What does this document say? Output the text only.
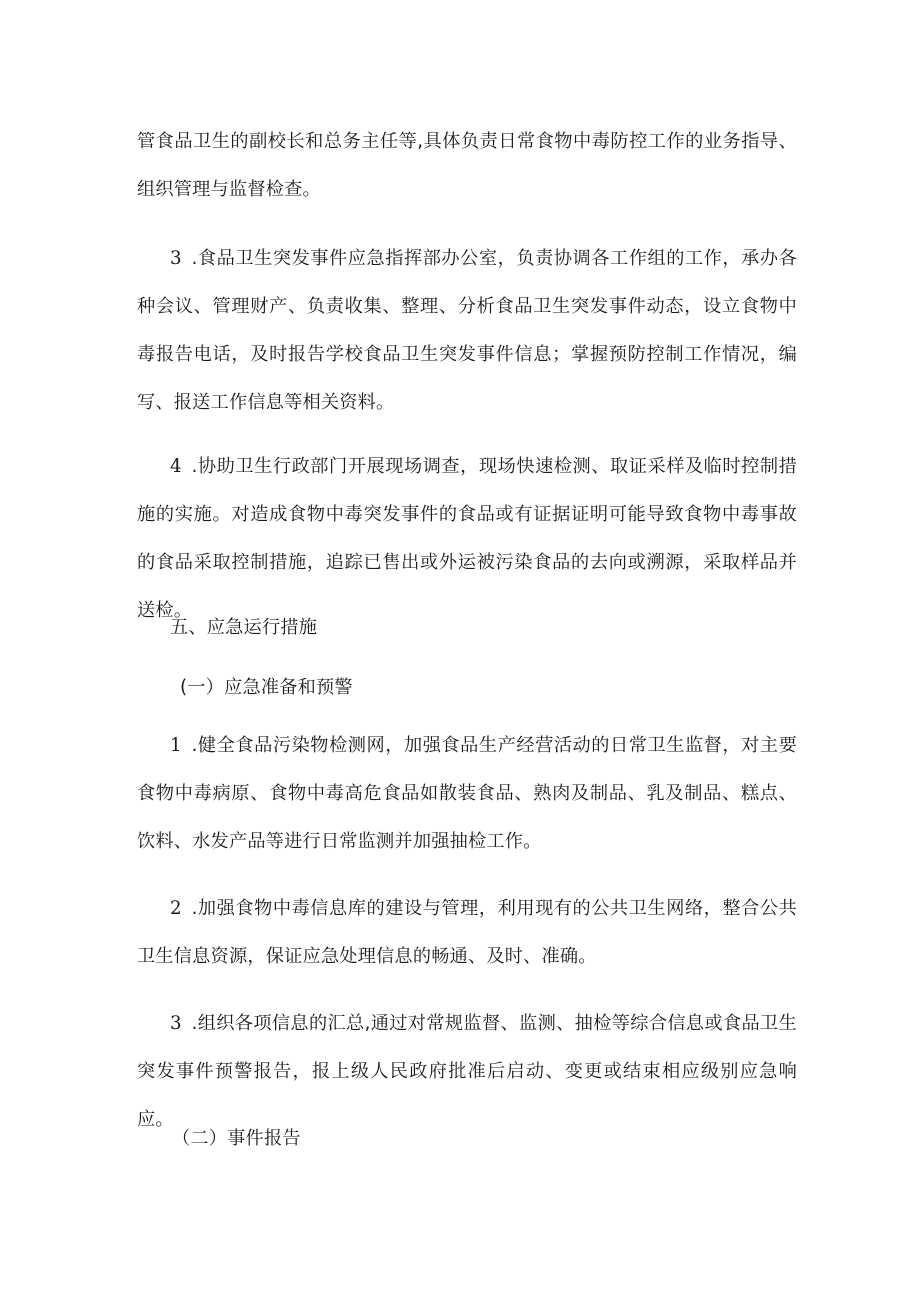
管食品卫生的副校长和总务主任等,具体负责日常食物中毒防控工作的业务指导、组织管理与监督检查。

3.食品卫生突发事件应急指挥部办公室，负责协调各工作组的工作，承办各种会议、管理财产、负责收集、整理、分析食品卫生突发事件动态，设立食物中毒报告电话，及时报告学校食品卫生突发事件信息；掌握预防控制工作情况，编写、报送工作信息等相关资料。

4.协助卫生行政部门开展现场调查，现场快速检测、取证采样及临时控制措施的实施。对造成食物中毒突发事件的食品或有证据证明可能导致食物中毒事故的食品采取控制措施，追踪已售出或外运被污染食品的去向或溯源，采取样品并送检。

五、应急运行措施

(一）应急准备和预警

1.健全食品污染物检测网，加强食品生产经营活动的日常卫生监督，对主要食物中毒病原、食物中毒高危食品如散装食品、熟肉及制品、乳及制品、糕点、饮料、水发产品等进行日常监测并加强抽检工作。

2.加强食物中毒信息库的建设与管理，利用现有的公共卫生网络，整合公共卫生信息资源，保证应急处理信息的畅通、及时、准确。

3.组织各项信息的汇总,通过对常规监督、监测、抽检等综合信息或食品卫生突发事件预警报告，报上级人民政府批准后启动、变更或结束相应级别应急响应。

（二）事件报告
